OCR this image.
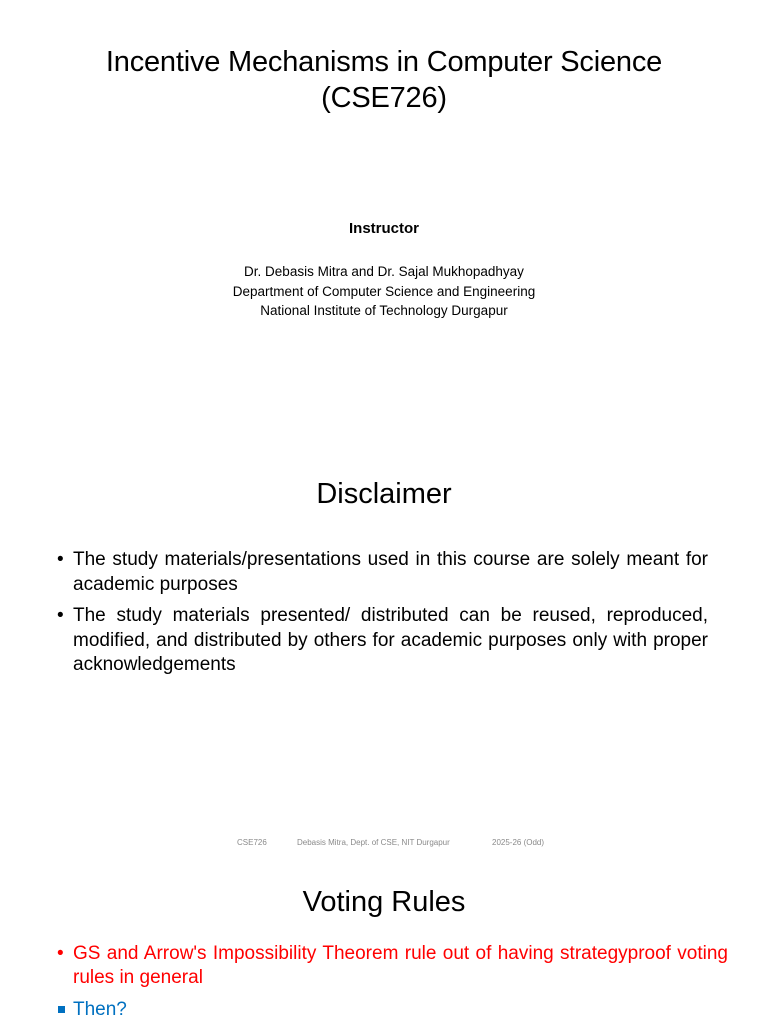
Incentive Mechanisms in Computer Science
(CSE726)
Instructor
Dr. Debasis Mitra and Dr. Sajal Mukhopadhyay
Department of Computer Science and Engineering
National Institute of Technology Durgapur
Disclaimer
• The study materials/presentations used in this course are solely meant for academic purposes
• The study materials presented/ distributed can be reused, reproduced, modified, and distributed by others for academic purposes only with proper acknowledgements
CSE726	Debasis Mitra, Dept. of CSE, NIT Durgapur	2025-26 (Odd)
Voting Rules
• GS and Arrow's Impossibility Theorem rule out of having strategyproof voting rules in general
Then?
